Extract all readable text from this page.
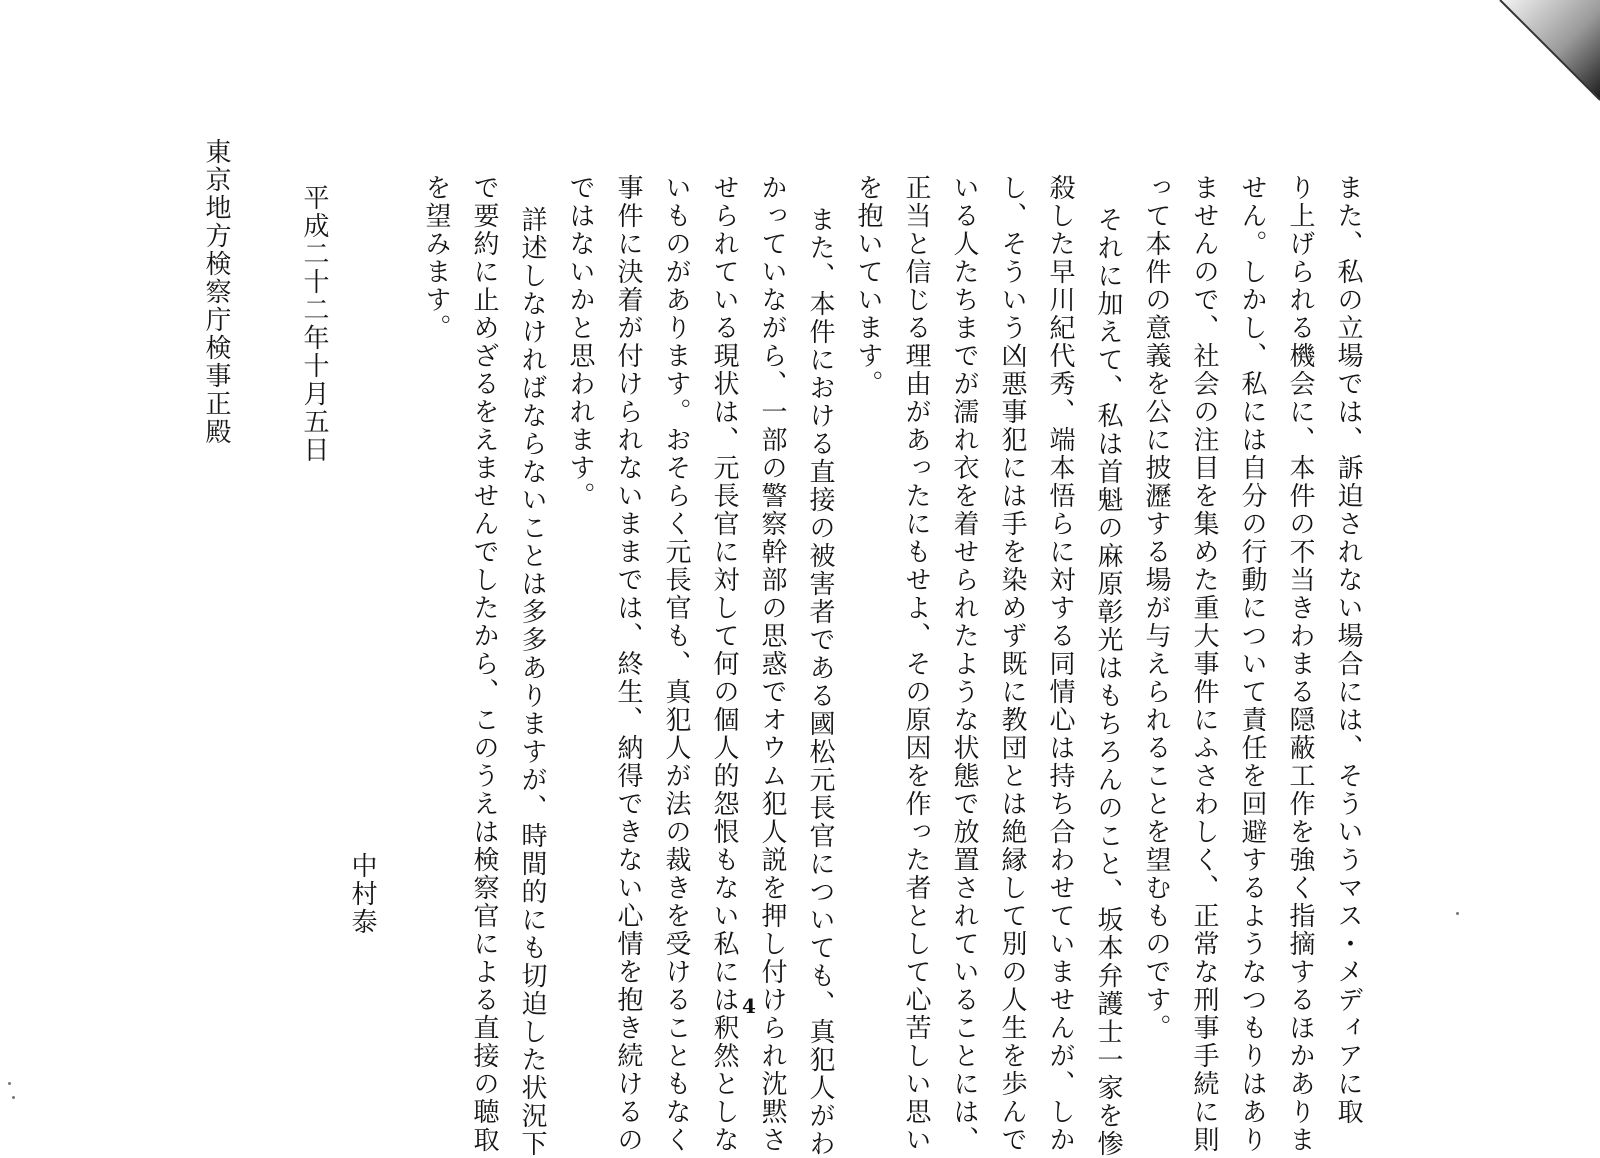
また、私の立場では、訴迫されない場合には、そういうマス・メディアに取
り上げられる機会に、本件の不当きわまる隠蔽工作を強く指摘するほかありま
せん。しかし、私には自分の行動について責任を回避するようなつもりはあり
ませんので、社会の注目を集めた重大事件にふさわしく、正常な刑事手続に則
って本件の意義を公に披瀝する場が与えられることを望むものです。
それに加えて、私は首魁の麻原彰光はもちろんのこと、坂本弁護士一家を惨
殺した早川紀代秀、端本悟らに対する同情心は持ち合わせていませんが、しか
し、そういう凶悪事犯には手を染めず既に教団とは絶縁して別の人生を歩んで
いる人たちまでが濡れ衣を着せられたような状態で放置されていることには、
正当と信じる理由があったにもせよ、その原因を作った者として心苦しい思い
を抱いています。
また、本件における直接の被害者である國松元長官についても、真犯人がわ
かっていながら、一部の警察幹部の思惑でオウム犯人説を押し付けられ沈黙さ
せられている現状は、元長官に対して何の個人的怨恨もない私には釈然としな
いものがあります。おそらく元長官も、真犯人が法の裁きを受けることもなく
事件に決着が付けられないままでは、終生、納得できない心情を抱き続けるの
ではないかと思われます。
詳述しなければならないことは多多ありますが、時間的にも切迫した状況下
で要約に止めざるをえませんでしたから、このうえは検察官による直接の聴取
を望みます。
中村泰
平成二十二年十月五日
東京地方検察庁検事正殿
4
